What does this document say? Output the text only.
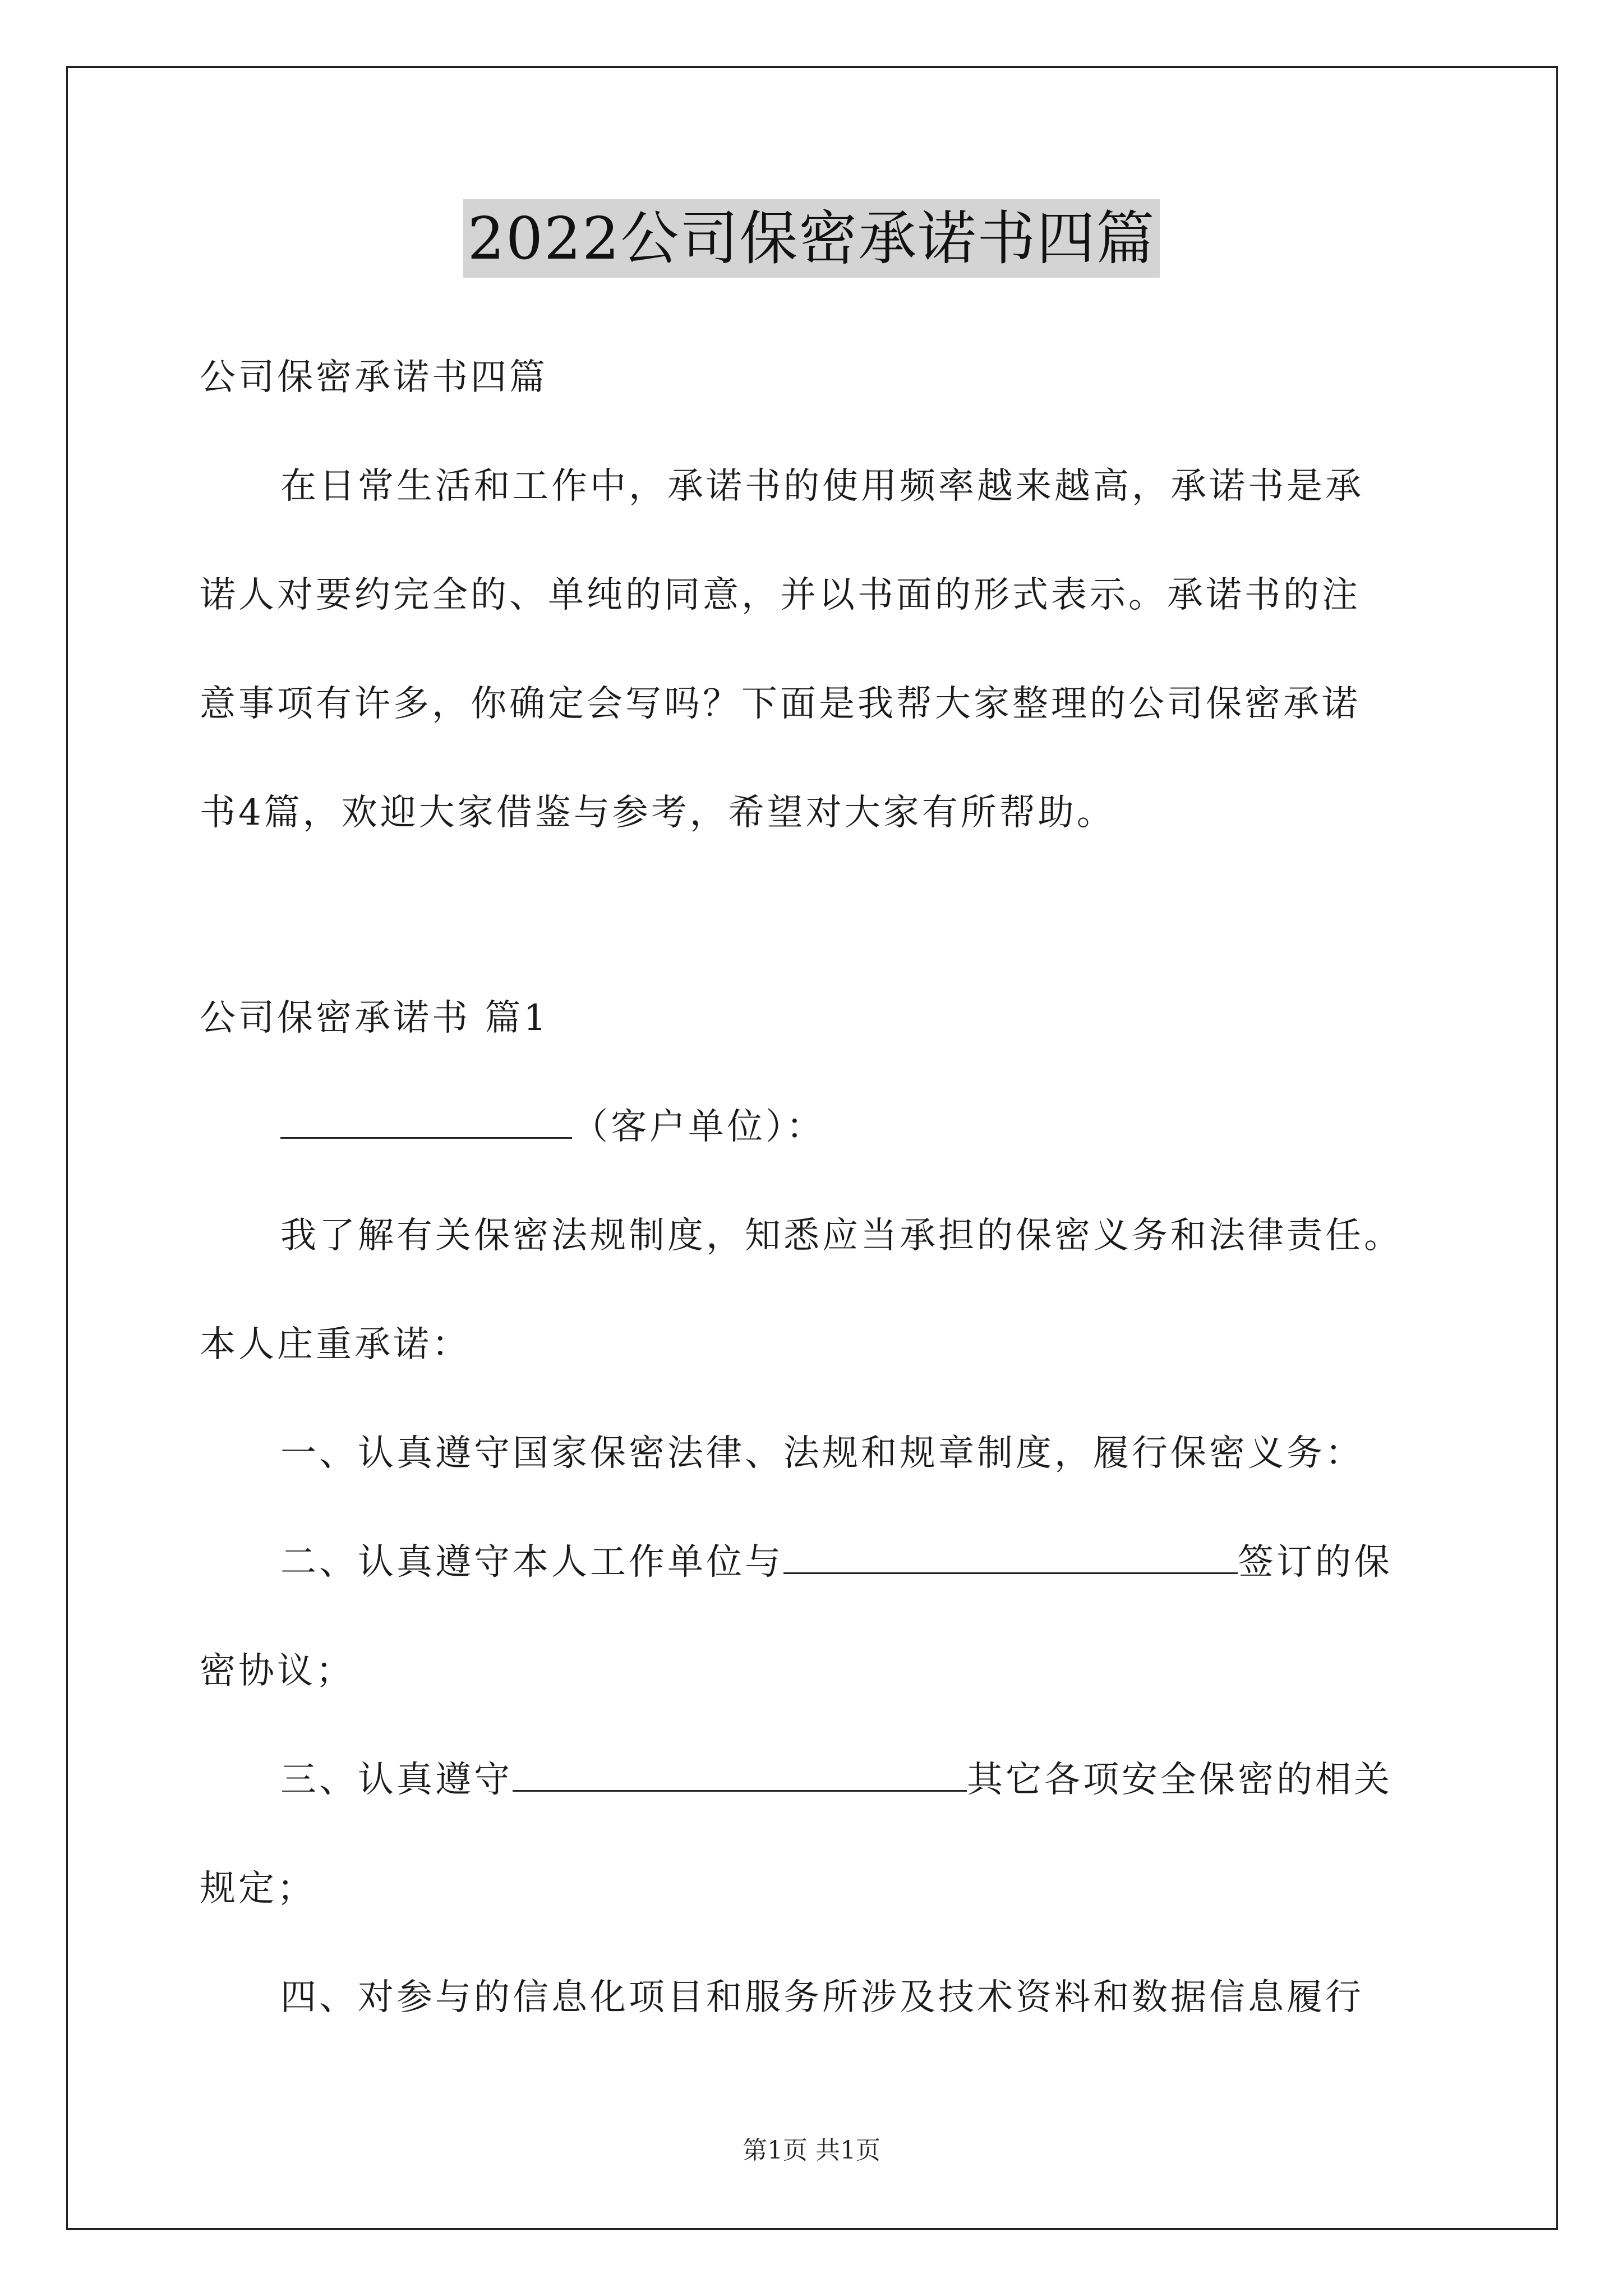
2022公司保密承诺书四篇
公司保密承诺书四篇
在日常生活和工作中，承诺书的使用频率越来越高，承诺书是承
诺人对要约完全的、单纯的同意，并以书面的形式表示。承诺书的注
意事项有许多，你确定会写吗？下面是我帮大家整理的公司保密承诺
书4篇，欢迎大家借鉴与参考，希望对大家有所帮助。
公司保密承诺书 篇1
（客户单位）：
我了解有关保密法规制度，知悉应当承担的保密义务和法律责任。
本人庄重承诺：
一、认真遵守国家保密法律、法规和规章制度，履行保密义务：
二、认真遵守本人工作单位与	签订的保
密协议；
三、认真遵守	其它各项安全保密的相关
规定；
四、对参与的信息化项目和服务所涉及技术资料和数据信息履行
第1页 共1页
